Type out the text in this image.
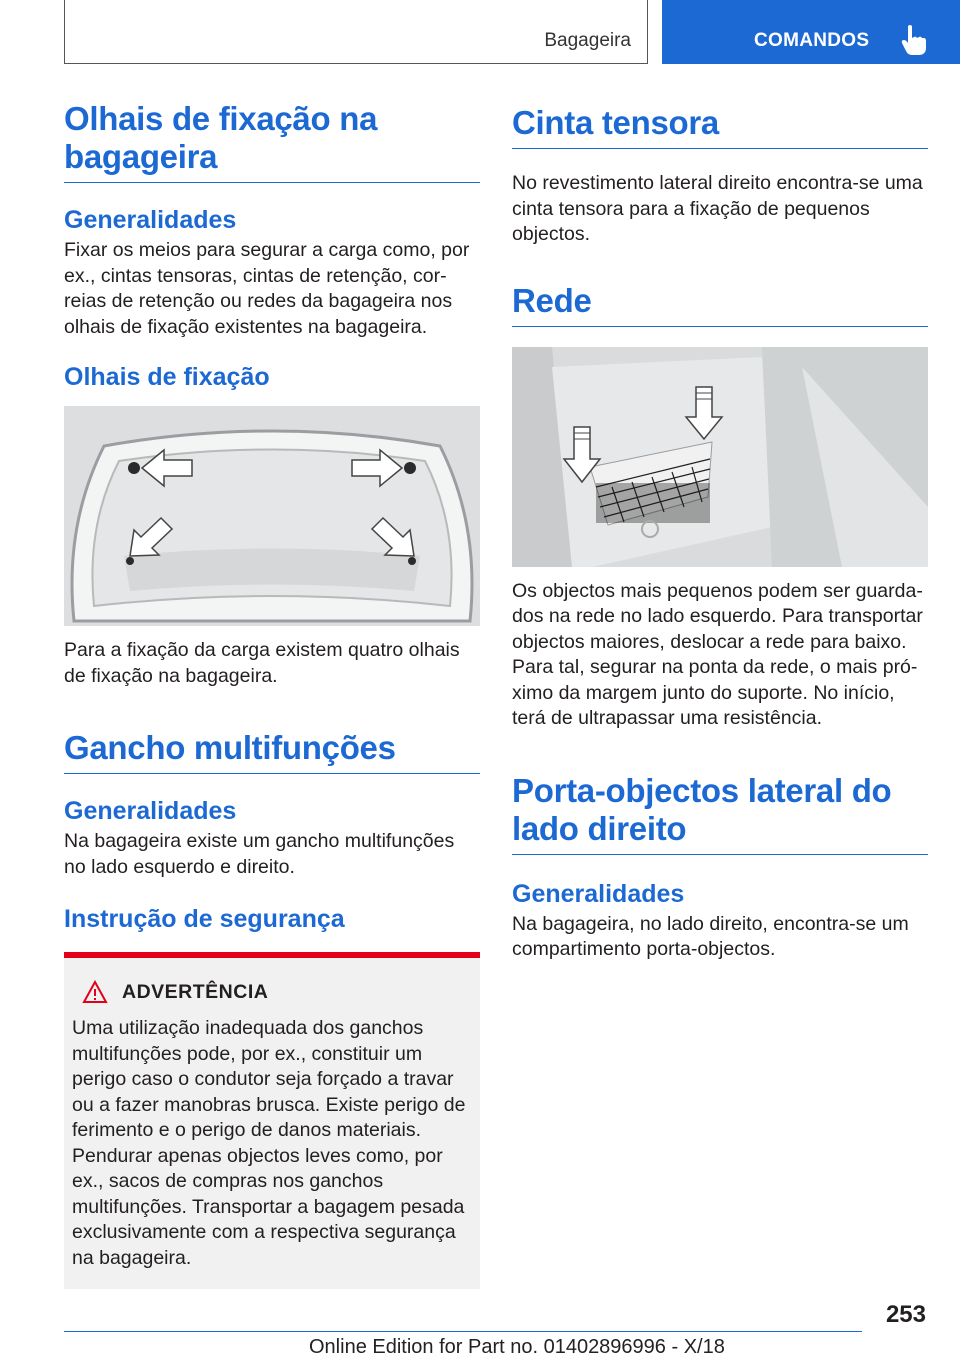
Bagageira	COMANDOS
Olhais de fixação na bagageira
Generalidades

Fixar os meios para segurar a carga como, por ex., cintas tensoras, cintas de retenção, correias de retenção ou redes da bagageira nos olhais de fixação existentes na bagageira.

Olhais de fixação

Para a fixação da carga existem quatro olhais de fixação na bagageira.

Gancho multifunções
Generalidades

Na bagageira existe um gancho multifunções no lado esquerdo e direito.

Instrução de segurança
ADVERTÊNCIA

Uma utilização inadequada dos ganchos multifunções pode, por ex., constituir um perigo caso o condutor seja forçado a travar ou a fazer manobras brusca. Existe perigo de ferimento e o perigo de danos materiais. Pendurar apenas objectos leves como, por ex., sacos de compras nos ganchos multifunções. Transportar a bagagem pesada exclusivamente com a respectiva segurança na bagageira.

Cinta tensora

No revestimento lateral direito encontra-se uma cinta tensora para a fixação de pequenos objectos.

Rede

Os objectos mais pequenos podem ser guardados na rede no lado esquerdo. Para transportar objectos maiores, deslocar a rede para baixo. Para tal, segurar na ponta da rede, o mais próximo da margem junto do suporte. No início, terá de ultrapassar uma resistência.

Porta-objectos lateral do lado direito
Generalidades

Na bagageira, no lado direito, encontra-se um compartimento porta-objectos.

253
Online Edition for Part no. 01402896996 - X/18
